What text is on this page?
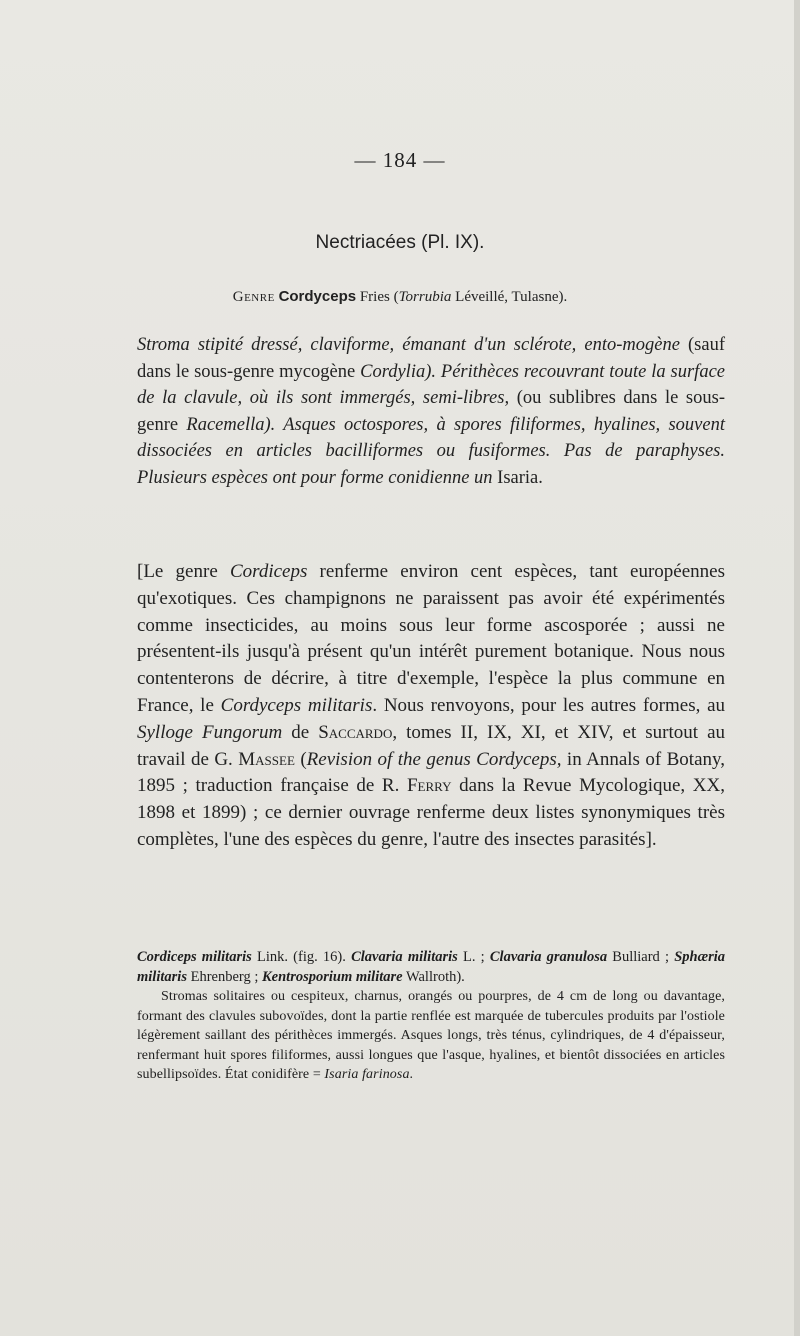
— 184 —
Nectriacées (Pl. IX).
Genre Cordyceps Fries (Torrubia Léveillé, Tulasne).

Stroma stipité dressé, claviforme, émanant d'un sclérote, ento-mogène (sauf dans le sous-genre mycogène Cordylia). Périthèces recouvrant toute la surface de la clavule, où ils sont immergés, semi-libres, (ou sublibres dans le sous-genre Racemella). Asques octospores, à spores filiformes, hyalines, souvent dissociées en articles bacilliformes ou fusiformes. Pas de paraphyses. Plusieurs espèces ont pour forme conidienne un Isaria.

[Le genre Cordiceps renferme environ cent espèces, tant européennes qu'exotiques. Ces champignons ne paraissent pas avoir été expérimentés comme insecticides, au moins sous leur forme ascosporée ; aussi ne présentent-ils jusqu'à présent qu'un intérêt purement botanique. Nous nous contenterons de décrire, à titre d'exemple, l'espèce la plus commune en France, le Cordyceps militaris. Nous renvoyons, pour les autres formes, au Sylloge Fungorum de Saccardo, tomes II, IX, XI, et XIV, et surtout au travail de G. Massee (Revision of the genus Cordyceps, in Annals of Botany, 1895 ; traduction française de R. Ferry dans la Revue Mycologique, XX, 1898 et 1899) ; ce dernier ouvrage renferme deux listes synonymiques très complètes, l'une des espèces du genre, l'autre des insectes parasités].

Cordiceps militaris Link. (fig. 16). Clavaria militaris L. ; Clavaria granulosa Bulliard ; Sphæria militaris Ehrenberg ; Kentrosporium militare Wallroth).

Stromas solitaires ou cespiteux, charnus, orangés ou pourpres, de 4 cm de long ou davantage, formant des clavules subovoïdes, dont la partie renflée est marquée de tubercules produits par l'ostiole légèrement saillant des périthèces immergés. Asques longs, très ténus, cylindriques, de 4 d'épaisseur, renfermant huit spores filiformes, aussi longues que l'asque, hyalines, et bientôt dissociées en articles subellipsoïdes. État conidifère = Isaria farinosa.
